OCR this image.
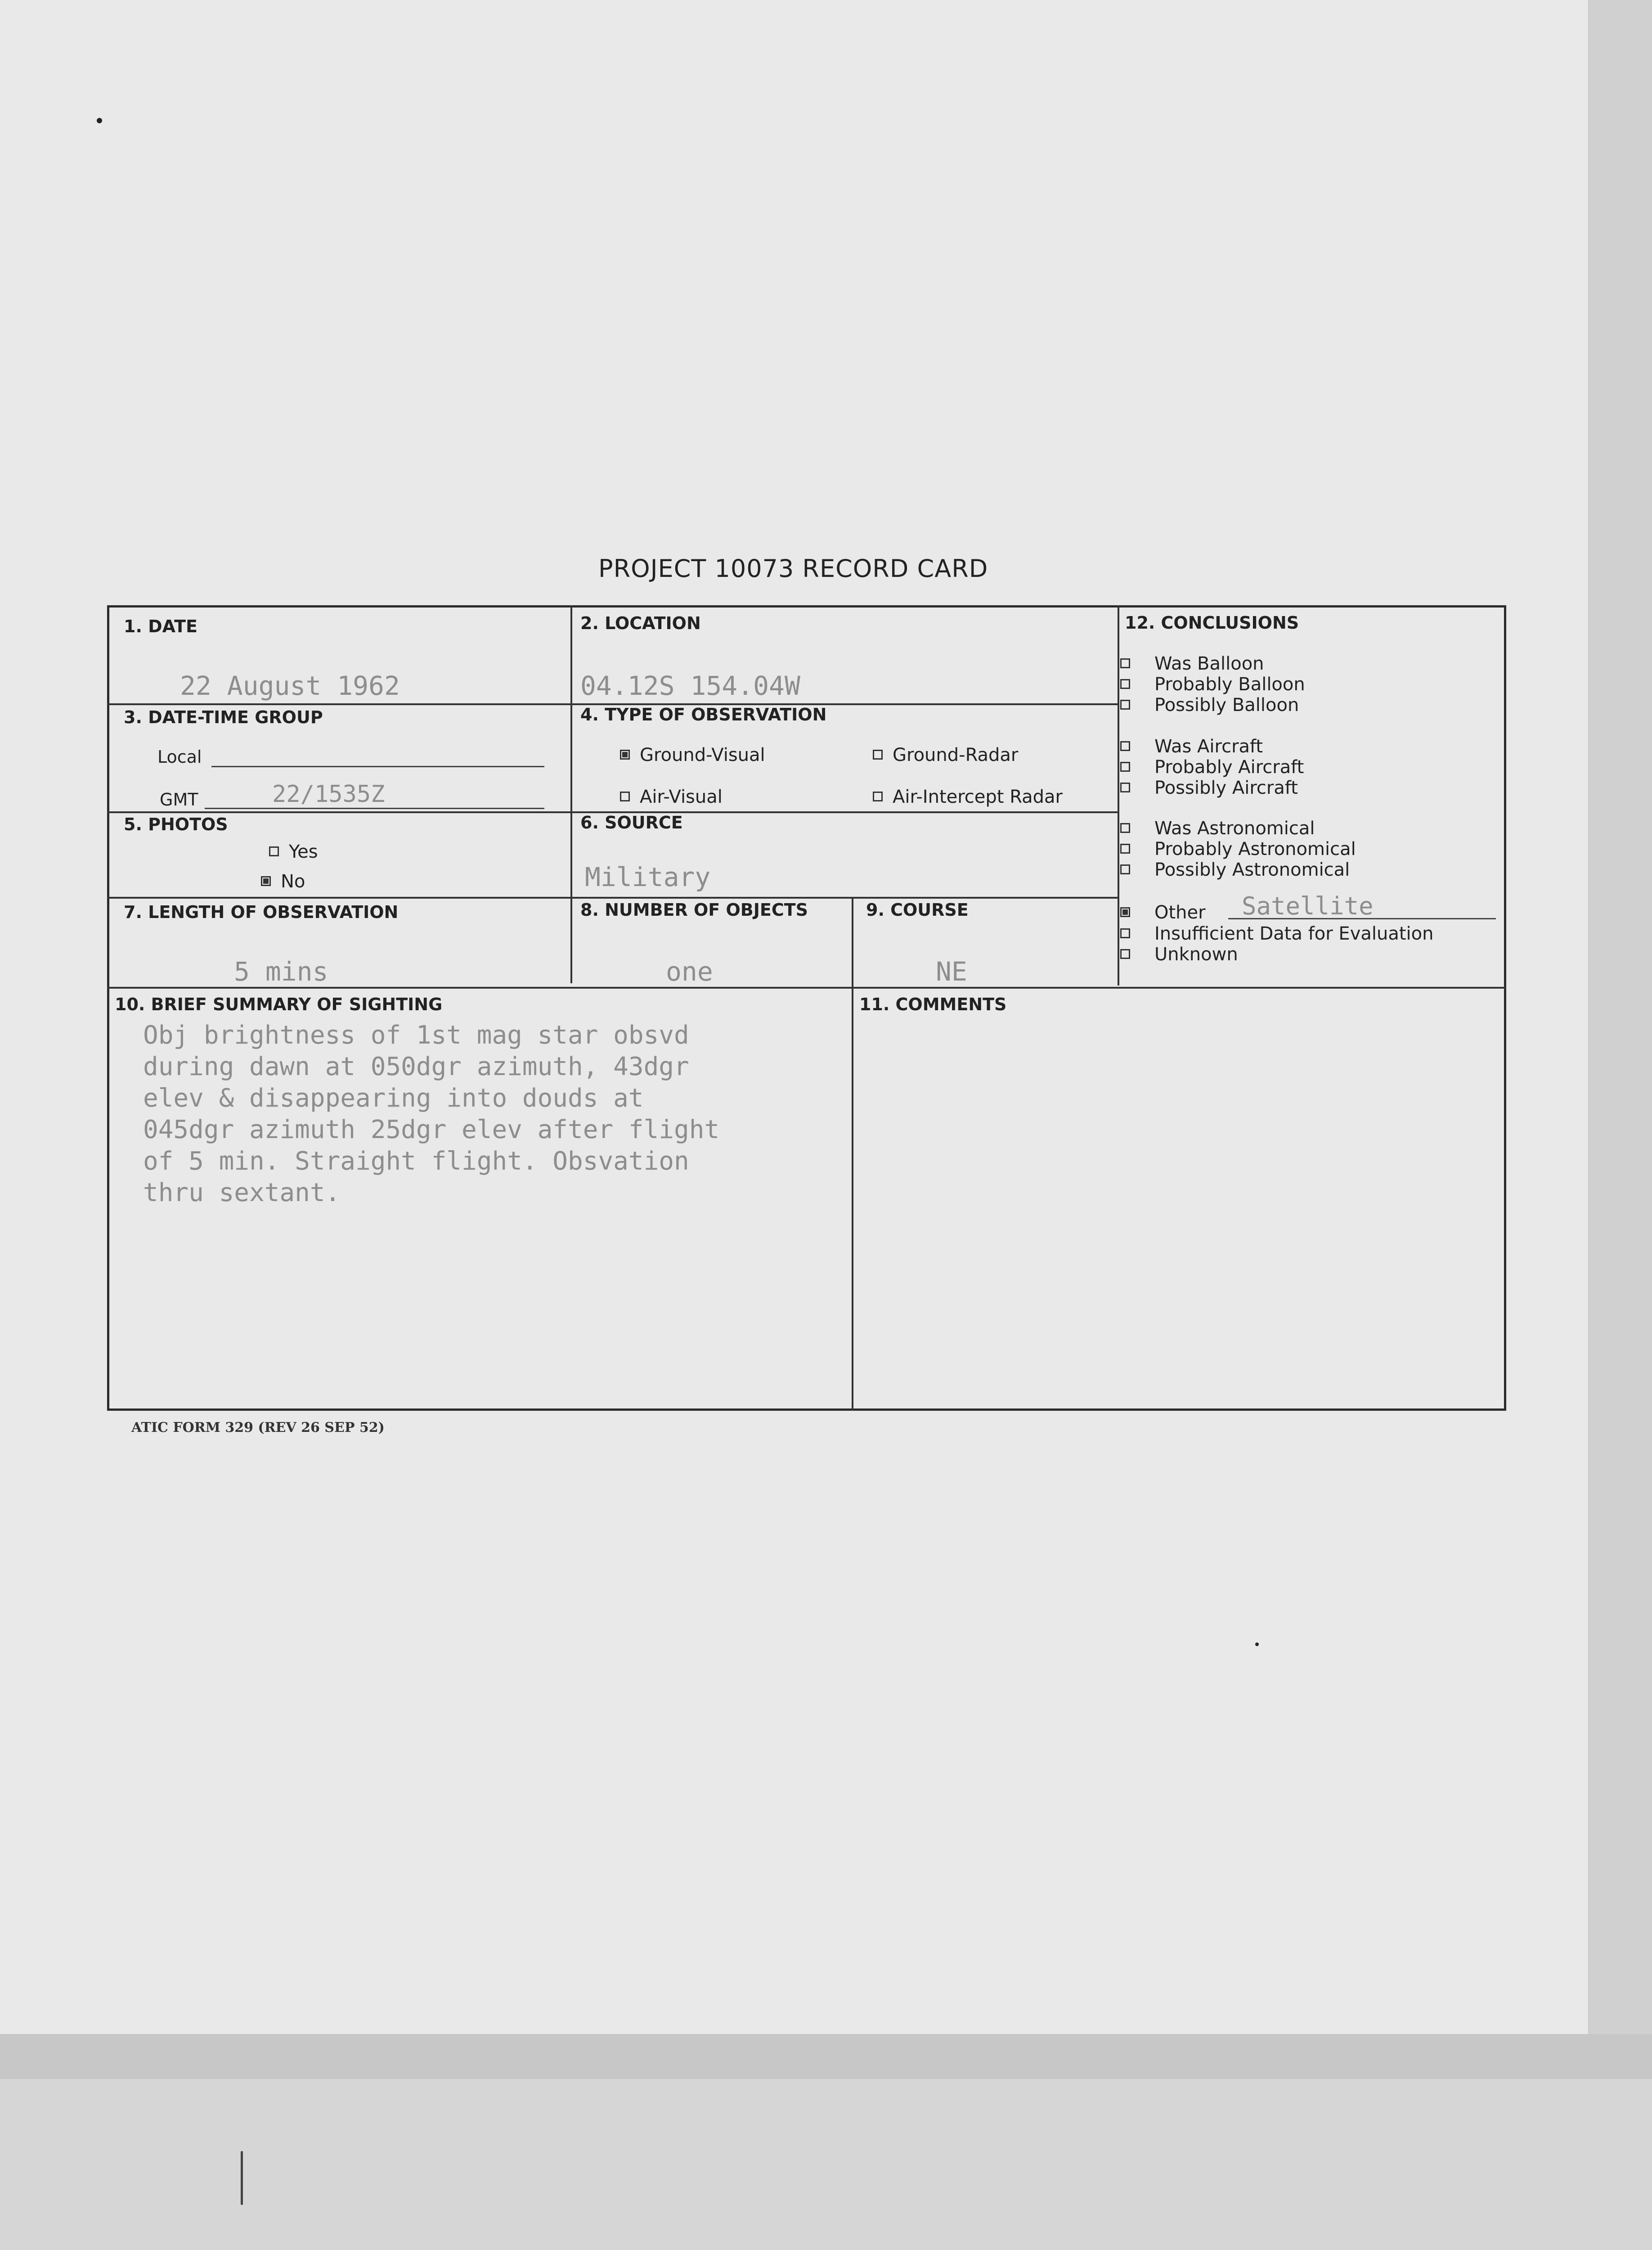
PROJECT 10073 RECORD CARD
1. DATE
22 August 1962
2. LOCATION
04.12S 154.04W
3. DATE-TIME GROUP
Local
GMT	22/1535Z
4. TYPE OF OBSERVATION
Ground-Visual	Ground-Radar
Air-Visual	Air-Intercept Radar
5. PHOTOS
Yes
No
6. SOURCE
Military
7. LENGTH OF OBSERVATION
5 mins
8. NUMBER OF OBJECTS
one
9. COURSE
NE
10. BRIEF SUMMARY OF SIGHTING
Obj brightness of 1st mag star obsvd
during dawn at 050dgr azimuth, 43dgr
elev & disappearing into douds at
045dgr azimuth 25dgr elev after flight
of 5 min. Straight flight. Obsvation
thru sextant.
11. COMMENTS
12. CONCLUSIONS
Was Balloon
Probably Balloon
Possibly Balloon
Was Aircraft
Probably Aircraft
Possibly Aircraft
Was Astronomical
Probably Astronomical
Possibly Astronomical
Other Satellite
Insufficient Data for Evaluation
Unknown
ATIC FORM 329 (REV 26 SEP 52)
